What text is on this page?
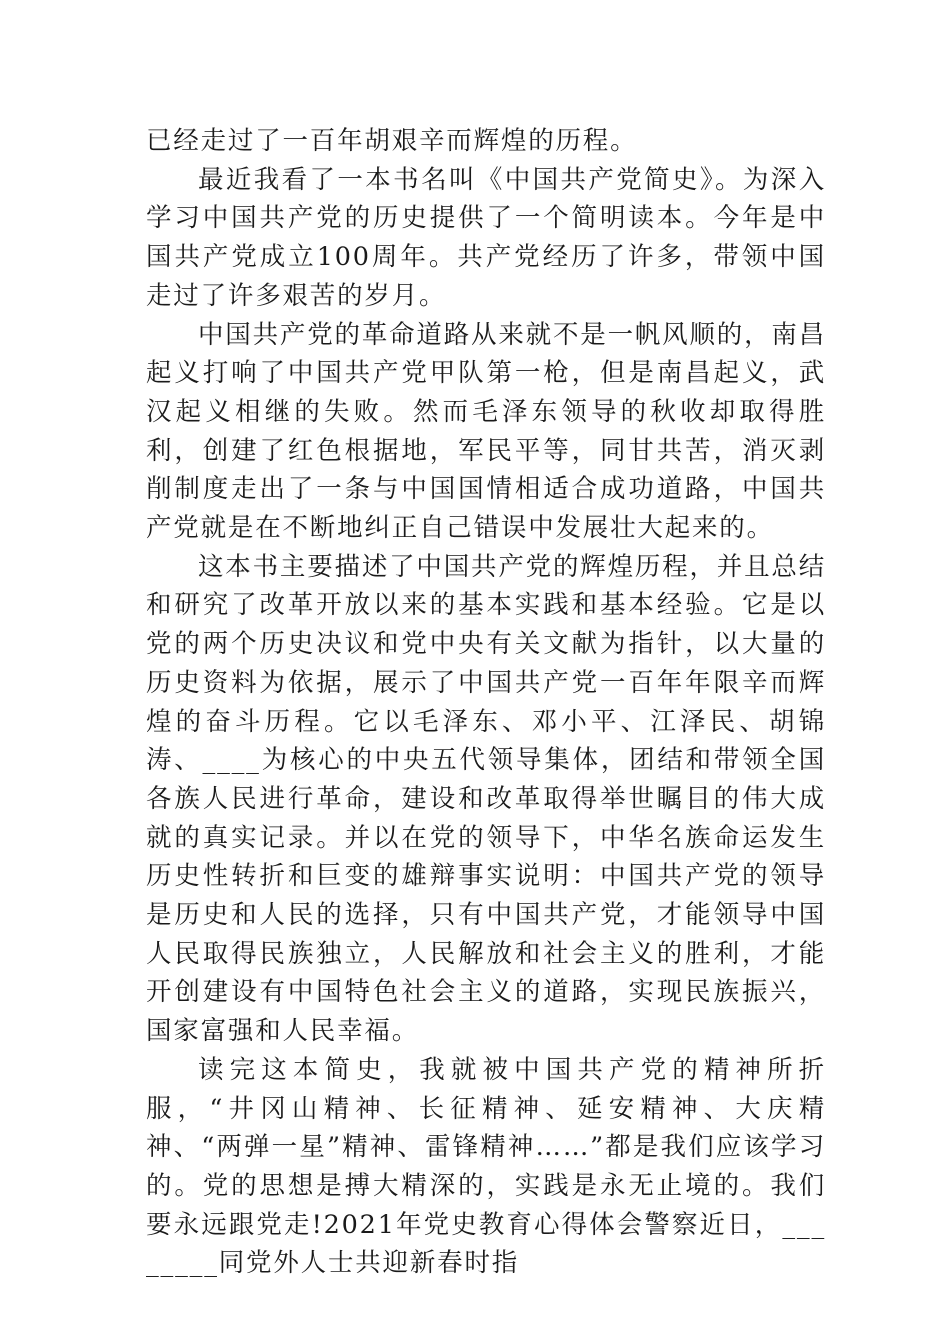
已经走过了一百年胡艰辛而辉煌的历程。

最近我看了一本书名叫《中国共产党简史》。为深入学习中国共产党的历史提供了一个简明读本。今年是中国共产党成立100周年。共产党经历了许多，带领中国走过了许多艰苦的岁月。

中国共产党的革命道路从来就不是一帆风顺的，南昌起义打响了中国共产党甲队第一枪，但是南昌起义，武汉起义相继的失败。然而毛泽东领导的秋收却取得胜利，创建了红色根据地，军民平等，同甘共苦，消灭剥削制度走出了一条与中国国情相适合成功道路，中国共产党就是在不断地纠正自己错误中发展壮大起来的。

这本书主要描述了中国共产党的辉煌历程，并且总结和研究了改革开放以来的基本实践和基本经验。它是以党的两个历史决议和党中央有关文献为指针，以大量的历史资料为依据，展示了中国共产党一百年年限辛而辉煌的奋斗历程。它以毛泽东、邓小平、江泽民、胡锦涛、____为核心的中央五代领导集体，团结和带领全国各族人民进行革命，建设和改革取得举世瞩目的伟大成就的真实记录。并以在党的领导下，中华名族命运发生历史性转折和巨变的雄辩事实说明：中国共产党的领导是历史和人民的选择，只有中国共产党，才能领导中国人民取得民族独立，人民解放和社会主义的胜利，才能开创建设有中国特色社会主义的道路，实现民族振兴，国家富强和人民幸福。

读完这本简史，我就被中国共产党的精神所折服，“井冈山精神、长征精神、延安精神、大庆精神、“两弹一星”精神、雷锋精神……”都是我们应该学习的。党的思想是搏大精深的，实践是永无止境的。我们要永远跟党走!2021年党史教育心得体会警察近日，________同党外人士共迎新春时指
